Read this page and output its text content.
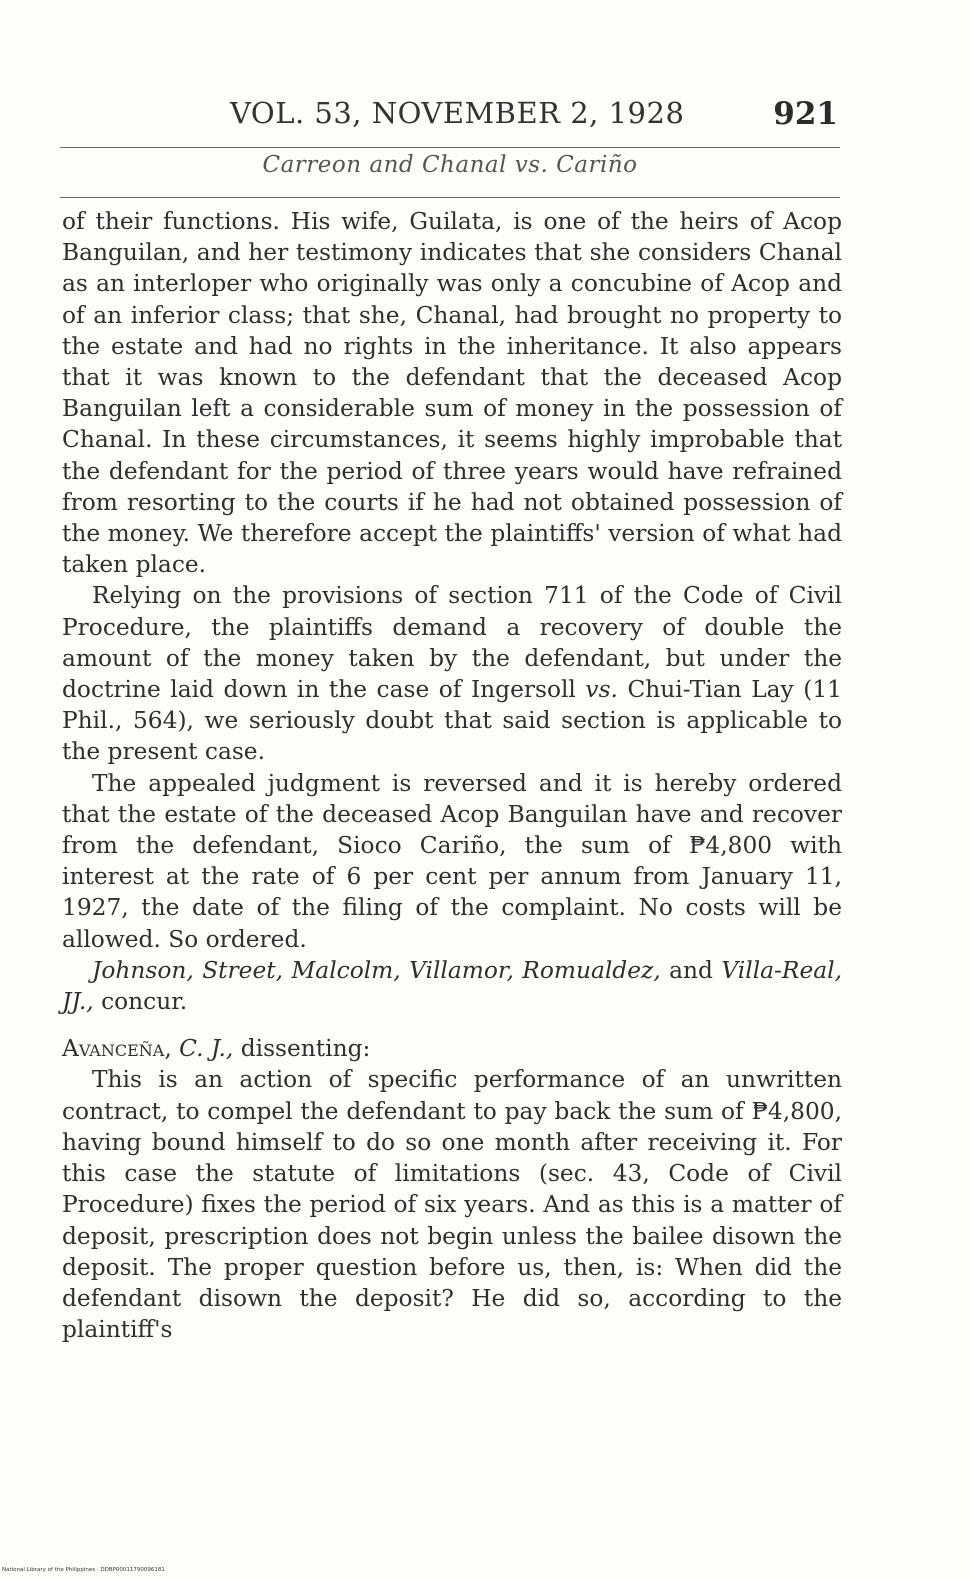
VOL. 53, NOVEMBER 2, 1928	921
Carreon and Chanal vs. Cariño

of their functions. His wife, Guilata, is one of the heirs of Acop Banguilan, and her testimony indicates that she considers Chanal as an interloper who originally was only a concubine of Acop and of an inferior class; that she, Chanal, had brought no property to the estate and had no rights in the inheritance. It also appears that it was known to the defendant that the deceased Acop Banguilan left a considerable sum of money in the possession of Chanal. In these circumstances, it seems highly improbable that the defendant for the period of three years would have refrained from resorting to the courts if he had not obtained possession of the money. We therefore accept the plaintiffs' version of what had taken place.

Relying on the provisions of section 711 of the Code of Civil Procedure, the plaintiffs demand a recovery of double the amount of the money taken by the defendant, but under the doctrine laid down in the case of Ingersoll vs. Chui-Tian Lay (11 Phil., 564), we seriously doubt that said section is applicable to the present case.

The appealed judgment is reversed and it is hereby ordered that the estate of the deceased Acop Banguilan have and recover from the defendant, Sioco Cariño, the sum of ₱4,800 with interest at the rate of 6 per cent per annum from January 11, 1927, the date of the filing of the complaint. No costs will be allowed. So ordered.

Johnson, Street, Malcolm, Villamor, Romualdez, and Villa-Real, JJ., concur.

Avanceña, C. J., dissenting:

This is an action of specific performance of an unwritten contract, to compel the defendant to pay back the sum of ₱4,800, having bound himself to do so one month after receiving it. For this case the statute of limitations (sec. 43, Code of Civil Procedure) fixes the period of six years. And as this is a matter of deposit, prescription does not begin unless the bailee disown the deposit. The proper question before us, then, is: When did the defendant disown the deposit? He did so, according to the plaintiff's

National Library of the Philippines · DDBP00011790096181
